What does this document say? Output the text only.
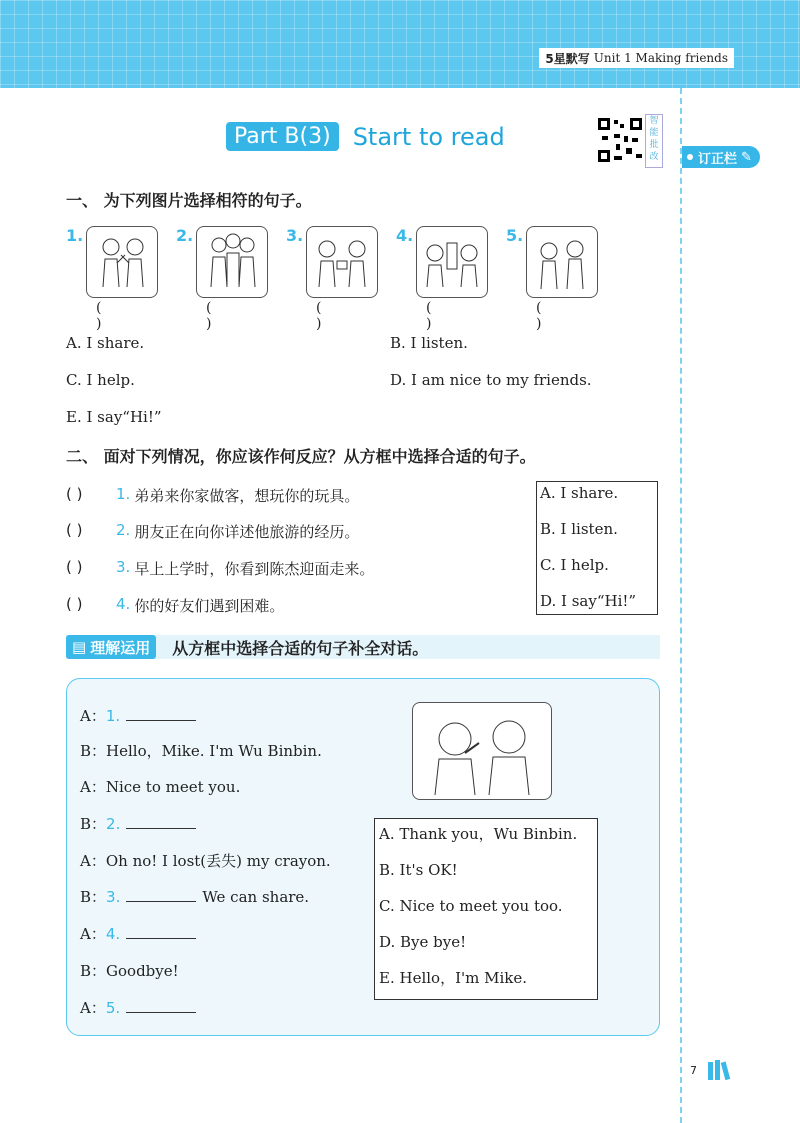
5星默写 Unit 1 Making friends
订正栏 ✎
Part B(3) Start to read
智能批改
一、 为下列图片选择相符的句子。
1.
( )
2.
( )
3.
( )
4.
( )
5.
( )
A. I share.	B. I listen.
C. I help.	D. I am nice to my friends.
E. I say“Hi!”
二、 面对下列情况，你应该作何反应？从方框中选择合适的句子。
( )	1. 弟弟来你家做客，想玩你的玩具。
( )	2. 朋友正在向你详述他旅游的经历。
( )	3. 早上上学时，你看到陈杰迎面走来。
( )	4. 你的好友们遇到困难。
A. I share.
B. I listen.
C. I help.
D. I say“Hi!”
▤ 理解运用 从方框中选择合适的句子补全对话。
A： 1.
B： Hello，Mike. I'm Wu Binbin.
A： Nice to meet you.
B： 2.
A： Oh no! I lost(丢失) my crayon.
B： 3.	We can share.
A： 4.
B： Goodbye!
A： 5.
A. Thank you，Wu Binbin.
B. It's OK!
C. Nice to meet you too.
D. Bye bye!
E. Hello，I'm Mike.
7
